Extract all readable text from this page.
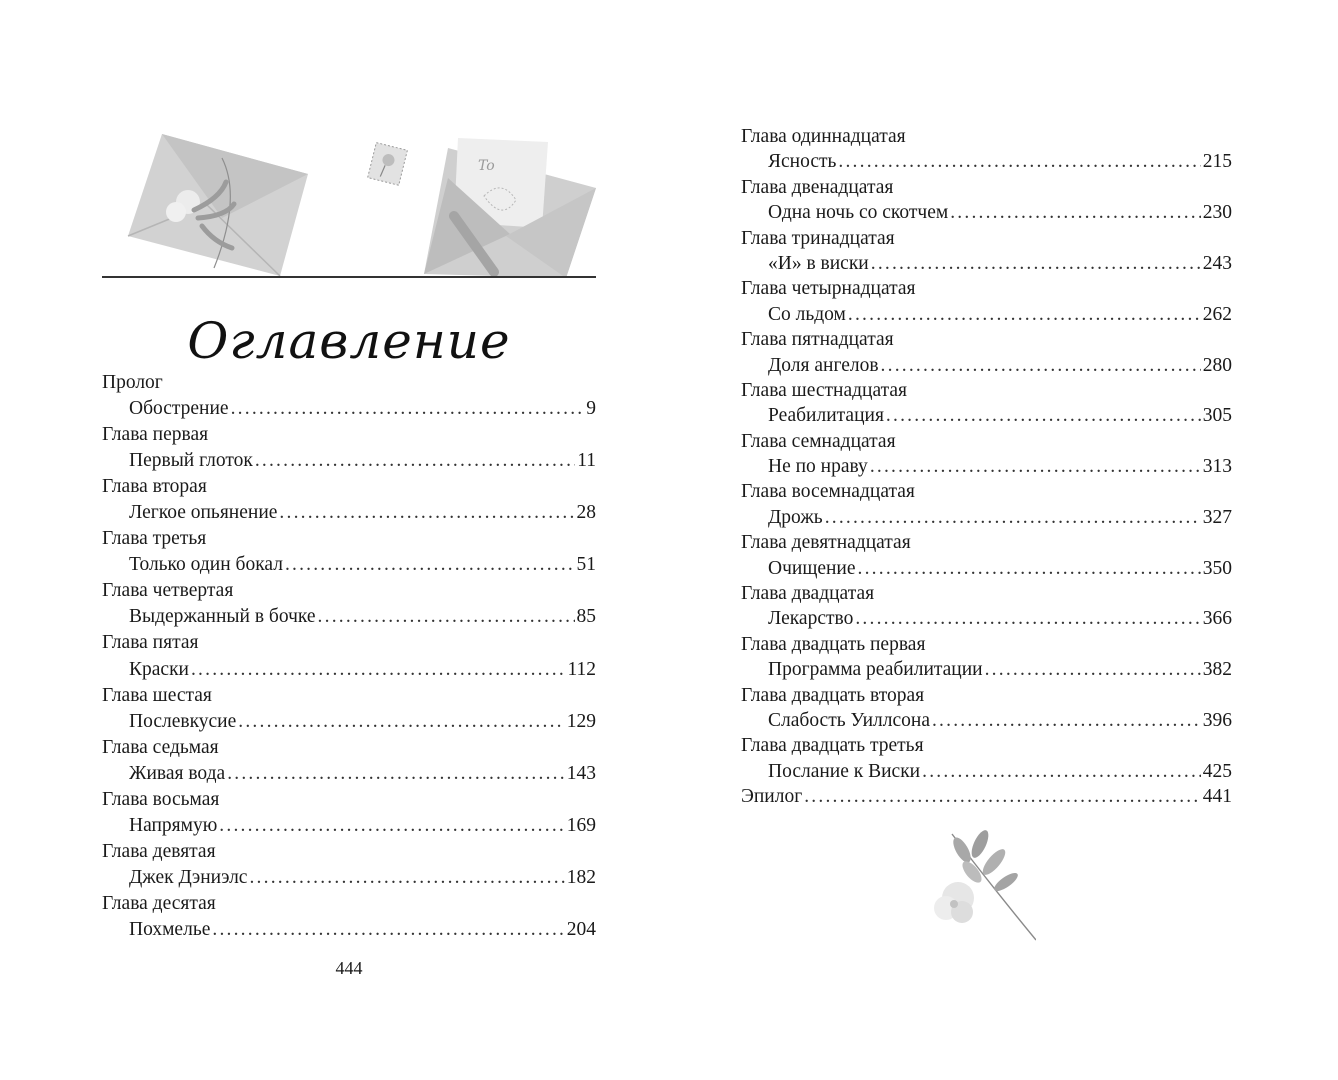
To
Оглавление
Пролог
Обострение .....	9
Глава первая
Первый глоток .....	11
Глава вторая
Легкое опьянение .....	28
Глава третья
Только один бокал .....	51
Глава четвертая
Выдержанный в бочке .....	85
Глава пятая
Краски .....	112
Глава шестая
Послевкусие .....	129
Глава седьмая
Живая вода .....	143
Глава восьмая
Напрямую .....	169
Глава девятая
Джек Дэниэлс .....	182
Глава десятая
Похмелье .....	204
444
Глава одиннадцатая
Ясность .....	215
Глава двенадцатая
Одна ночь со скотчем .....	230
Глава тринадцатая
«И» в виски .....	243
Глава четырнадцатая
Со льдом .....	262
Глава пятнадцатая
Доля ангелов .....	280
Глава шестнадцатая
Реабилитация .....	305
Глава семнадцатая
Не по нраву .....	313
Глава восемнадцатая
Дрожь .....	327
Глава девятнадцатая
Очищение .....	350
Глава двадцатая
Лекарство .....	366
Глава двадцать первая
Программа реабилитации .....	382
Глава двадцать вторая
Слабость Уиллсона .....	396
Глава двадцать третья
Послание к Виски .....	425
Эпилог .....	441
